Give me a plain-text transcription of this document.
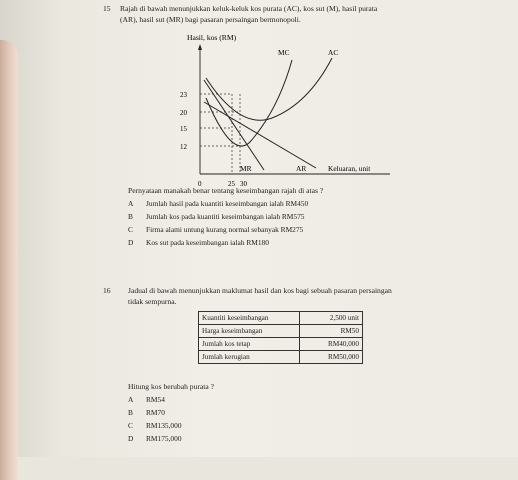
15 Rajah di bawah menunjukkan keluk-keluk kos purata (AC), kos sut (M), hasil purata
(AR), hasil sut (MR) bagi pasaran persaingan bermonopoli.
Hasil, kos (RM)
23
20
15
12
MC	AC
MR	AR	Keluaran, unit
0	25 30
Pernyataan manakah benar tentang keseimbangan rajah di atas ?
A Jumlah hasil pada kuantiti keseimbangan ialah RM450
B Jumlah kos pada kuantiti keseimbangan ialah RM575
C Firma alami untung kurang normal sebanyak RM275
D Kos sut pada keseimbangan ialah RM180
16 Jadual di bawah menunjukkan maklumat hasil dan kos bagi sebuah pasaran persaingan
tidak sempurna.
Kuantiti keseimbangan	2,500 unit
Harga keseimbangan	RM50
Jumlah kos tetap	RM40,000
Jumlah kerugian	RM50,000
Hitung kos berubah purata ?
A RM54
B RM70
C RM135,000
D RM175,000
